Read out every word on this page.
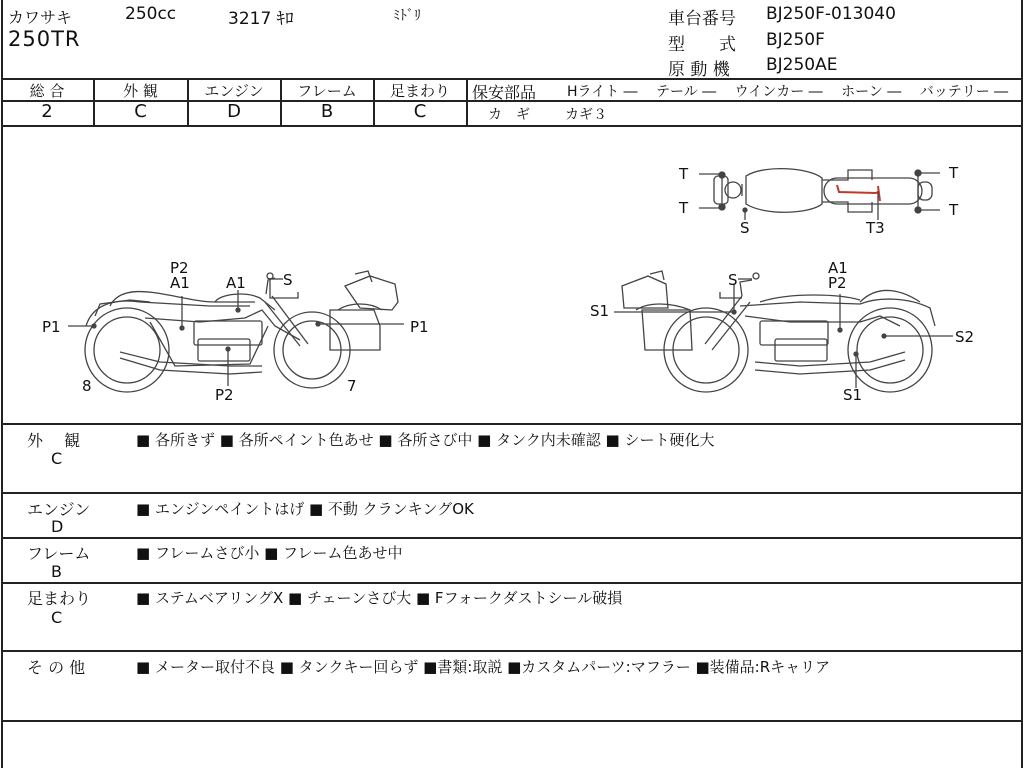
カワサキ	250cc	3217 ｷﾛ	ﾐﾄﾞﾘ
250TR
車台番号 BJ250F-013040
型　　式 BJ250F
原 動 機 BJ250AE
総 合
2
外 観
C
エンジン
D
フレーム
B
足まわり
C
保安部品 Hライト ―　 テール ―　 ウインカー ―　 ホーン ―　 バッテリー ―
カ　ギ	カギ３
T
T
T
T
S	T3
P2
A1 A1 S
P1	P1
8	P2	7
A1
P2
S
S1
S2
S1
外　 観
C
■ 各所きず ■ 各所ペイント色あせ ■ 各所さび中 ■ タンク内未確認 ■ シート硬化大
エンジン
D
■ エンジンペイントはげ ■ 不動 クランキングOK
フレーム
B
■ フレームさび小 ■ フレーム色あせ中
足まわり
C
■ ステムベアリングX ■ チェーンさび大 ■ Fフォークダストシール破損
そ の 他	■ メーター取付不良 ■ タンクキー回らず ■書類:取説 ■カスタムパーツ:マフラー ■装備品:Rキャリア
